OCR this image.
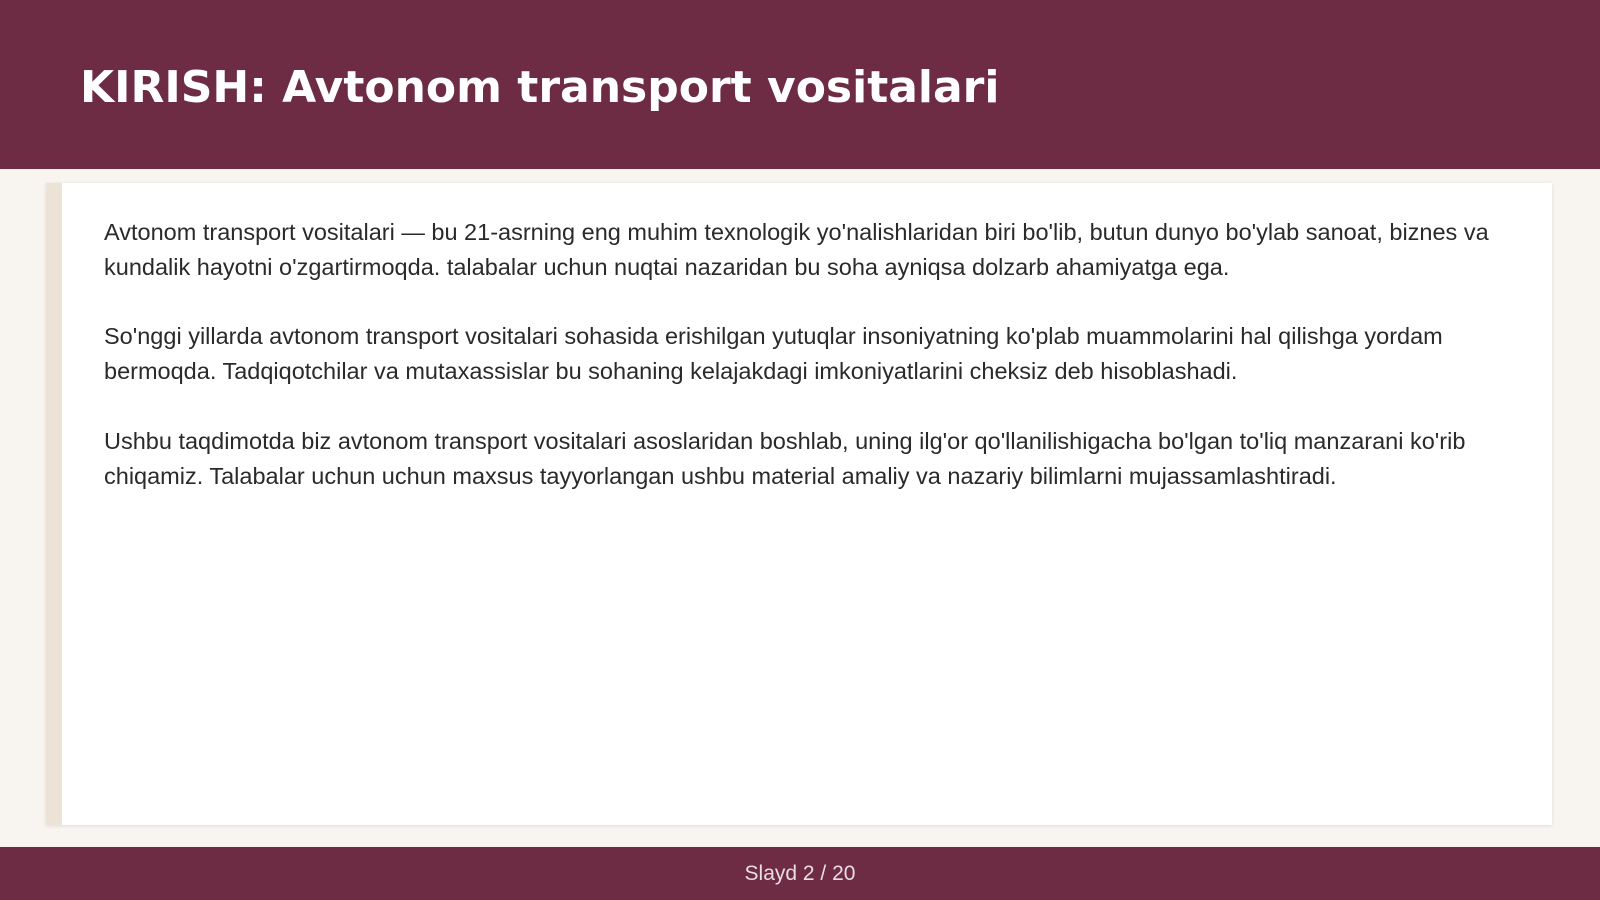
KIRISH: Avtonom transport vositalari

Avtonom transport vositalari — bu 21-asrning eng muhim texnologik yo'nalishlaridan biri bo'lib, butun dunyo bo'ylab sanoat, biznes va kundalik hayotni o'zgartirmoqda. talabalar uchun nuqtai nazaridan bu soha ayniqsa dolzarb ahamiyatga ega.

So'nggi yillarda avtonom transport vositalari sohasida erishilgan yutuqlar insoniyatning ko'plab muammolarini hal qilishga yordam bermoqda. Tadqiqotchilar va mutaxassislar bu sohaning kelajakdagi imkoniyatlarini cheksiz deb hisoblashadi.

Ushbu taqdimotda biz avtonom transport vositalari asoslaridan boshlab, uning ilg'or qo'llanilishigacha bo'lgan to'liq manzarani ko'rib chiqamiz. Talabalar uchun uchun maxsus tayyorlangan ushbu material amaliy va nazariy bilimlarni mujassamlashtiradi.

Slayd 2 / 20
